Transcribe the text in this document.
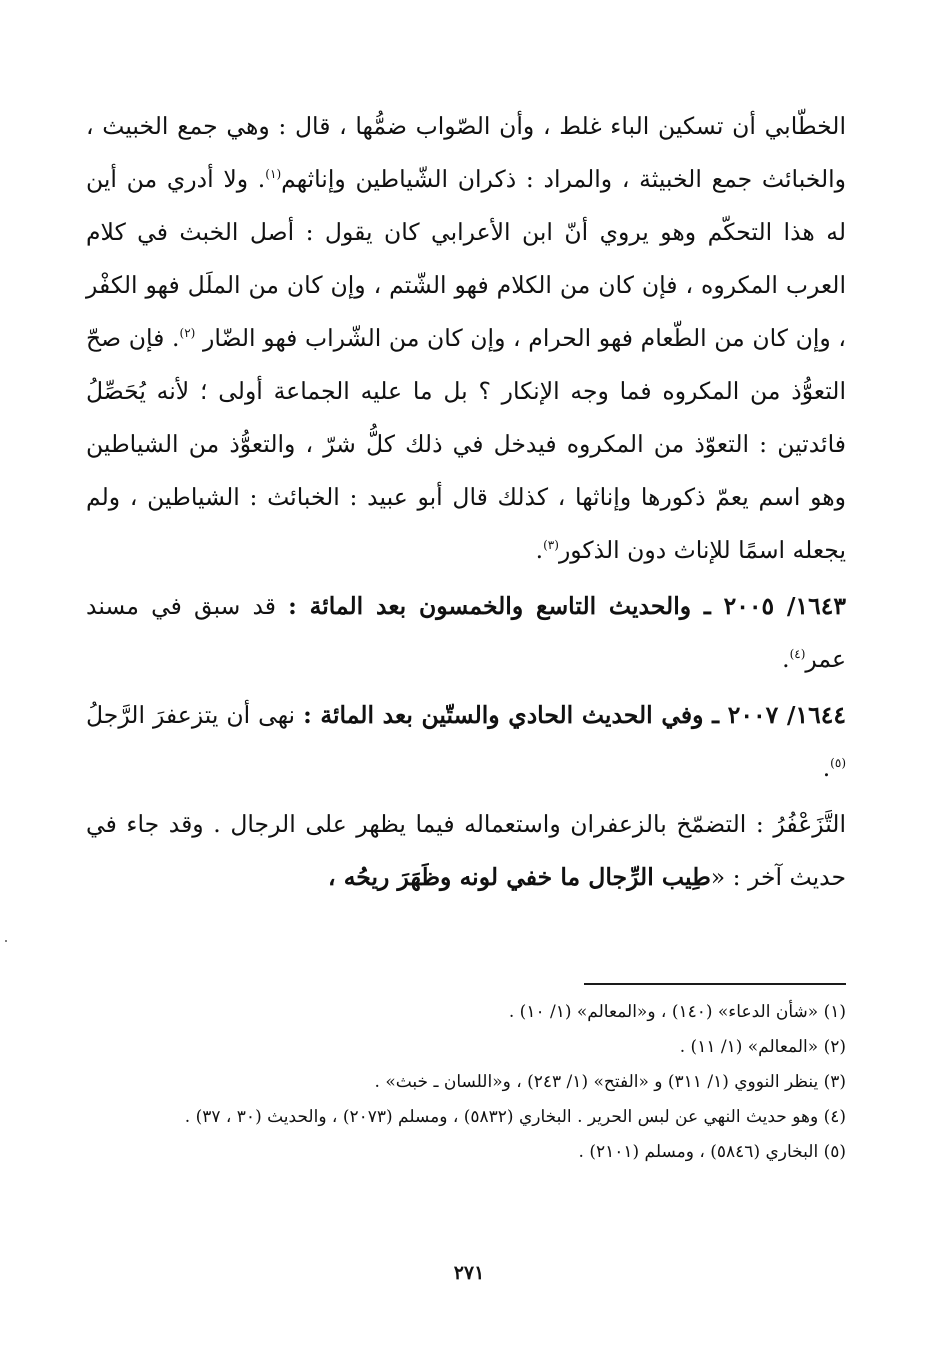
الخطّابي أن تسكين الباء غلط ، وأن الصّواب ضمُّها ، قال : وهي جمع الخبيث ، والخبائث جمع الخبيثة ، والمراد : ذكران الشّياطين وإناثهم$^{(١)}$. ولا أدري من أين له هذا التحكّم وهو يروي أنّ ابن الأعرابي كان يقول : أصل الخبث في كلام العرب المكروه ، فإن كان من الكلام فهو الشّتم ، وإن كان من الملَل فهو الكفْر ، وإن كان من الطّعام فهو الحرام ، وإن كان من الشّراب فهو الضّار $^{(٢)}$. فإن صحّ التعوُّذ من المكروه فما وجه الإنكار ؟ بل ما عليه الجماعة أولى ؛ لأنه يُحَصِّلُ فائدتين : التعوّذ من المكروه فيدخل في ذلك كلُّ شرّ ، والتعوُّذ من الشياطين وهو اسم يعمّ ذكورها وإناثها ، كذلك قال أبو عبيد : الخبائث : الشياطين ، ولم يجعله اسمًا للإناث دون الذكور$^{(٣)}$.

١٦٤٣/ ٢٠٠٥ ـ والحديث التاسع والخمسون بعد المائة : قد سبق في مسند عمر$^{(٤)}$.

١٦٤٤/ ٢٠٠٧ ـ وفي الحديث الحادي والستّين بعد المائة : نهى أن يتزعفرَ الرَّجلُ $^{(٥)}$.

التَّزَعْفُرُ : التضمّخ بالزعفران واستعماله فيما يظهر على الرجال . وقد جاء في حديث آخر : «طِيب الرِّجال ما خفي لونه وظَهَرَ ريحُه ،

(١) «شأن الدعاء» (١٤٠) ، و«المعالم» (١/ ١٠) .

(٢) «المعالم» (١/ ١١) .

(٣) ينظر النووي (١/ ٣١١) و «الفتح» (١/ ٢٤٣) ، و«اللسان ـ خبث» .

(٤) وهو حديث النهي عن لبس الحرير . البخاري (٥٨٣٢) ، ومسلم (٢٠٧٣) ، والحديث (٣٠ ، ٣٧) .

(٥) البخاري (٥٨٤٦) ، ومسلم (٢١٠١) .

٢٧١
